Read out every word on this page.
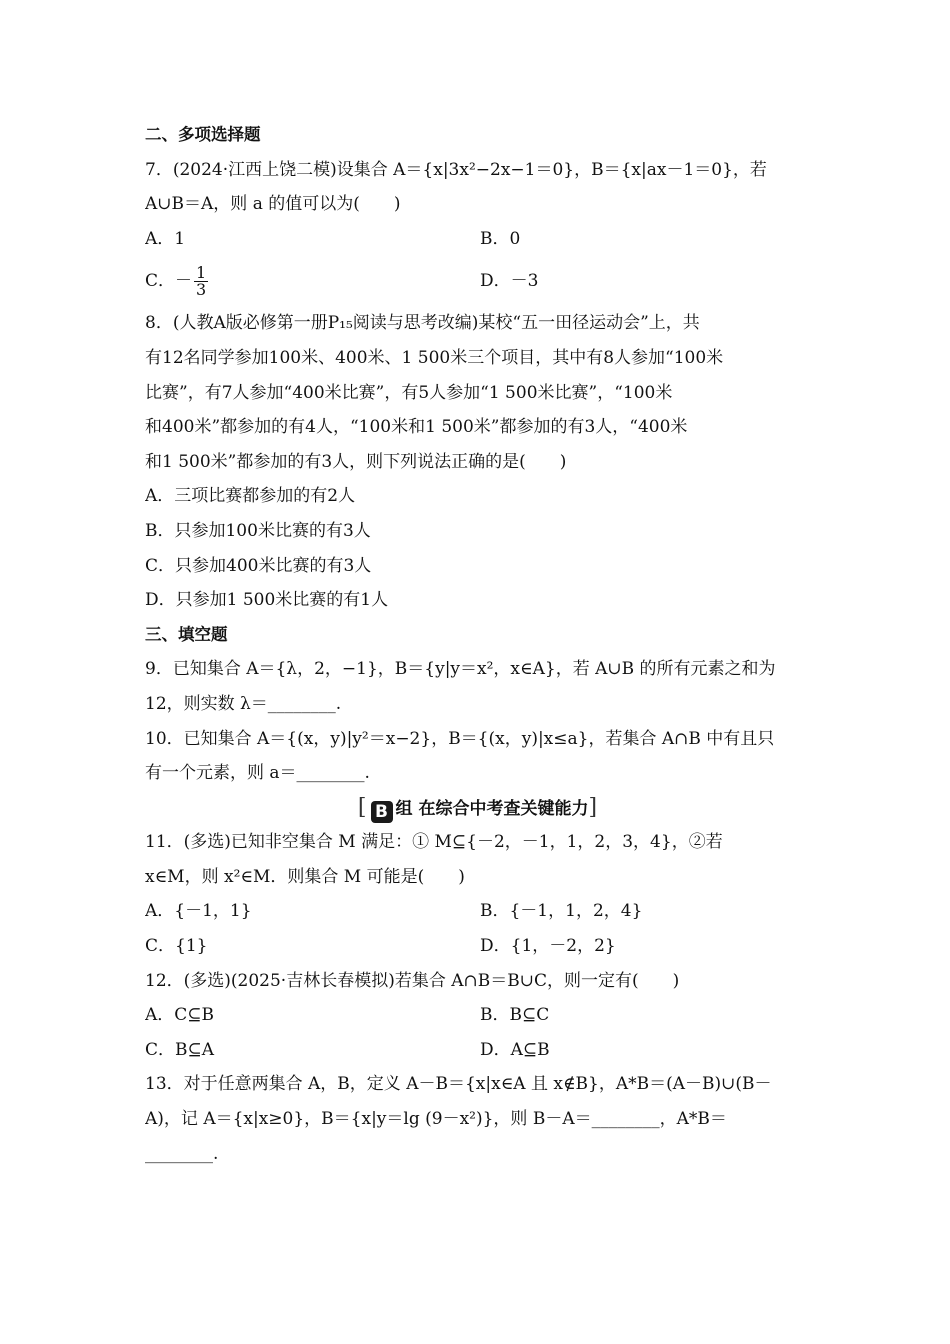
二、多项选择题
7．(2024·江西上饶二模)设集合 A＝{x|3x²−2x−1＝0}，B＝{x|ax－1＝0}，若
A∪B＝A，则 a 的值可以为(　　)
A．1	B．0
C．－ $\frac{1}{3}$	D．－3
8．(人教A版必修第一册P₁₅阅读与思考改编)某校“五一田径运动会”上，共
有12名同学参加100米、400米、1 500米三个项目，其中有8人参加“100米
比赛”，有7人参加“400米比赛”，有5人参加“1 500米比赛”，“100米
和400米”都参加的有4人，“100米和1 500米”都参加的有3人，“400米
和1 500米”都参加的有3人，则下列说法正确的是(　　)
A．三项比赛都参加的有2人
B．只参加100米比赛的有3人
C．只参加400米比赛的有3人
D．只参加1 500米比赛的有1人
三、填空题
9．已知集合 A＝{λ，2，−1}，B＝{y|y＝x²，x∈A}，若 A∪B 的所有元素之和为
12，则实数 λ＝________.
10．已知集合 A＝{(x，y)|y²＝x−2}，B＝{(x，y)|x≤a}，若集合 A∩B 中有且只
有一个元素，则 a＝________.
[ B 组 在综合中考查关键能力]
11．(多选)已知非空集合 M 满足：① M⊆{－2，－1，1，2，3，4}，②若
x∈M，则 x²∈M．则集合 M 可能是(　　)
A．{－1，1}	B．{－1，1，2，4}
C．{1}	D．{1，－2，2}
12．(多选)(2025·吉林长春模拟)若集合 A∩B＝B∪C，则一定有(　　)
A．C⊆B	B．B⊆C
C．B⊆A	D．A⊆B
13．对于任意两集合 A，B，定义 A－B＝{x|x∈A 且 x∉B}，A*B＝(A－B)∪(B－
A)，记 A＝{x|x≥0}，B＝{x|y＝lg (9－x²)}，则 B－A＝________，A*B＝
________.
